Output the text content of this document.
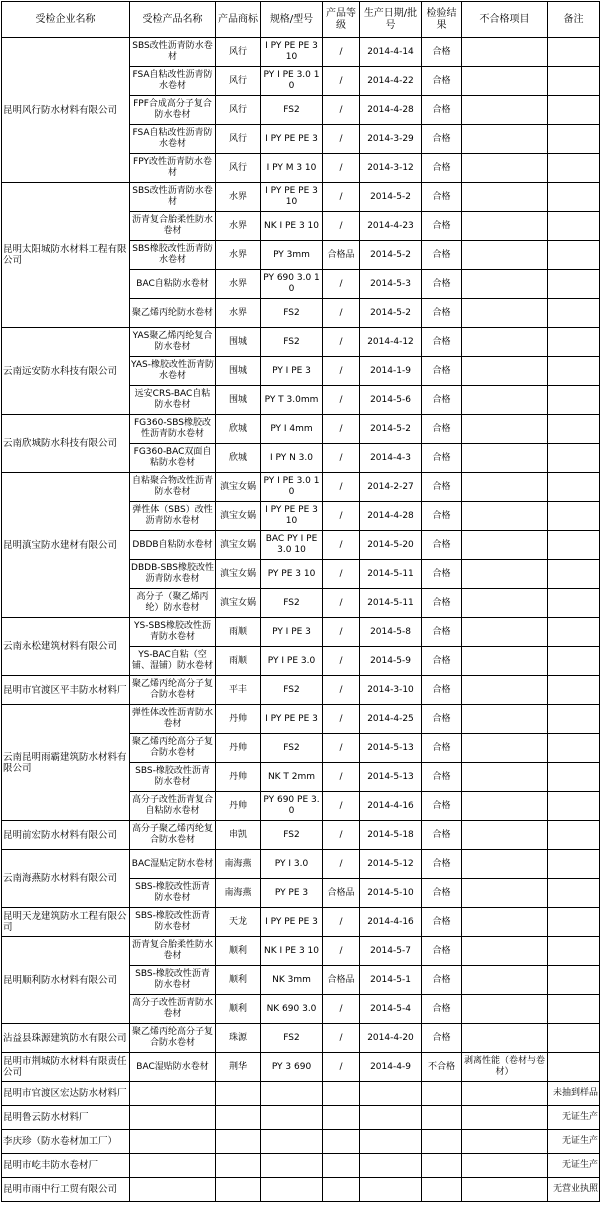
受检企业名称	受检产品名称	产品商标	规格/型号	产品等级	生产日期/批号	检验结果	不合格项目	备注
昆明风行防水材料有限公司	SBS改性沥青防水卷材	风行	I PY PE PE 3 10	/	2014-4-14	合格		
	FSA自粘改性沥青防水卷材	风行	PY I PE 3.0 10	/	2014-4-22	合格		
	FPF合成高分子复合防水卷材	风行	FS2	/	2014-4-28	合格		
	FSA自粘改性沥青防水卷材	风行	I PY PE PE 3	/	2014-3-29	合格		
	FPY改性沥青防水卷材	风行	I PY M 3 10	/	2014-3-12	合格		
昆明太阳城防水材料工程有限公司	SBS改性沥青防水卷材	水界	I PY PE PE 3 10	/	2014-5-2	合格		
	沥青复合胎柔性防水卷材	水界	NK I PE 3 10	/	2014-4-23	合格		
	SBS橡胶改性沥青防水卷材	水界	PY 3mm	合格品	2014-5-2	合格		
	BAC自粘防水卷材	水界	PY 690 3.0 10	/	2014-5-3	合格		
	聚乙烯丙纶防水卷材	水界	FS2	/	2014-5-2	合格		
云南远安防水科技有限公司	YAS聚乙烯丙纶复合防水卷材	围城	FS2	/	2014-4-12	合格		
	YAS-橡胶改性沥青防水卷材	围城	PY I PE 3	/	2014-1-9	合格		
	远安CRS-BAC自粘防水卷材	围城	PY T 3.0mm	/	2014-5-6	合格		
云南欣城防水科技有限公司	FG360-SBS橡胶改性沥青防水卷材	欣城	PY I 4mm	/	2014-5-2	合格		
	FG360-BAC双面自粘防水卷材	欣城	I PY N 3.0	/	2014-4-3	合格		
昆明滇宝防水建材有限公司	自粘聚合物改性沥青防水卷材	滇宝女娲	PY I PE 3.0 10	/	2014-2-27	合格		
	弹性体（SBS）改性沥青防水卷材	滇宝女娲	I PY PE PE 3 10	/	2014-4-28	合格		
	DBDB自粘防水卷材	滇宝女娲	BAC PY I PE 3.0 10	/	2014-5-20	合格		
	DBDB-SBS橡胶改性沥青防水卷材	滇宝女娲	PY PE 3 10	/	2014-5-11	合格		
	高分子（聚乙烯丙纶）防水卷材	滇宝女娲	FS2	/	2014-5-11	合格		
云南永松建筑材料有限公司	YS-SBS橡胶改性沥青防水卷材	雨顺	PY I PE 3	/	2014-5-8	合格		
	YS-BAC自粘（空铺、湿铺）防水卷材	雨顺	PY I PE 3.0	/	2014-5-9	合格		
昆明市官渡区平丰防水材料厂	聚乙烯丙纶高分子复合防水卷材	平丰	FS2	/	2014-3-10	合格		
云南昆明雨霸建筑防水材料有限公司	弹性体改性沥青防水卷材	丹帅	I PY PE PE 3	/	2014-4-25	合格		
	聚乙烯丙纶高分子复合防水卷材	丹帅	FS2	/	2014-5-13	合格		
	SBS-橡胶改性沥青防水卷材	丹帅	NK T 2mm	/	2014-5-13	合格		
	高分子改性沥青复合自粘防水卷材	丹帅	PY 690 PE 3.0	/	2014-4-16	合格		
昆明前宏防水材料有限公司	高分子聚乙烯丙纶复合防水卷材	串凯	FS2	/	2014-5-18	合格		
云南海燕防水材料有限公司	BAC湿贴定防水卷材	南海燕	PY I 3.0	/	2014-5-12	合格		
	SBS-橡胶改性沥青防水卷材	南海燕	PY PE 3	合格品	2014-5-10	合格		
昆明天龙建筑防水工程有限公司	SBS-橡胶改性沥青防水卷材	天龙	I PY PE PE 3	/	2014-4-16	合格		
昆明顺利防水材料有限公司	沥青复合胎柔性防水卷材	顺利	NK I PE 3 10	/	2014-5-7	合格		
	SBS-橡胶改性沥青防水卷材	顺利	NK 3mm	合格品	2014-5-1	合格		
	高分子改性沥青防水卷材	顺利	NK 690 3.0	/	2014-5-4	合格		
沾益县珠源建筑防水有限公司	聚乙烯丙纶高分子复合防水卷材	珠源	FS2	/	2014-4-20	合格		
昆明市荆城防水材料有限责任公司	BAC湿贴防水卷材	荆华	PY 3 690	/	2014-4-9	不合格	剥离性能（卷材与卷材）	
昆明市官渡区宏达防水材料厂								未抽到样品
昆明鲁云防水材料厂								无证生产
李庆珍（防水卷材加工厂）								无证生产
昆明市屹丰防水卷材厂								无证生产
昆明市雨中行工贸有限公司								无营业执照
